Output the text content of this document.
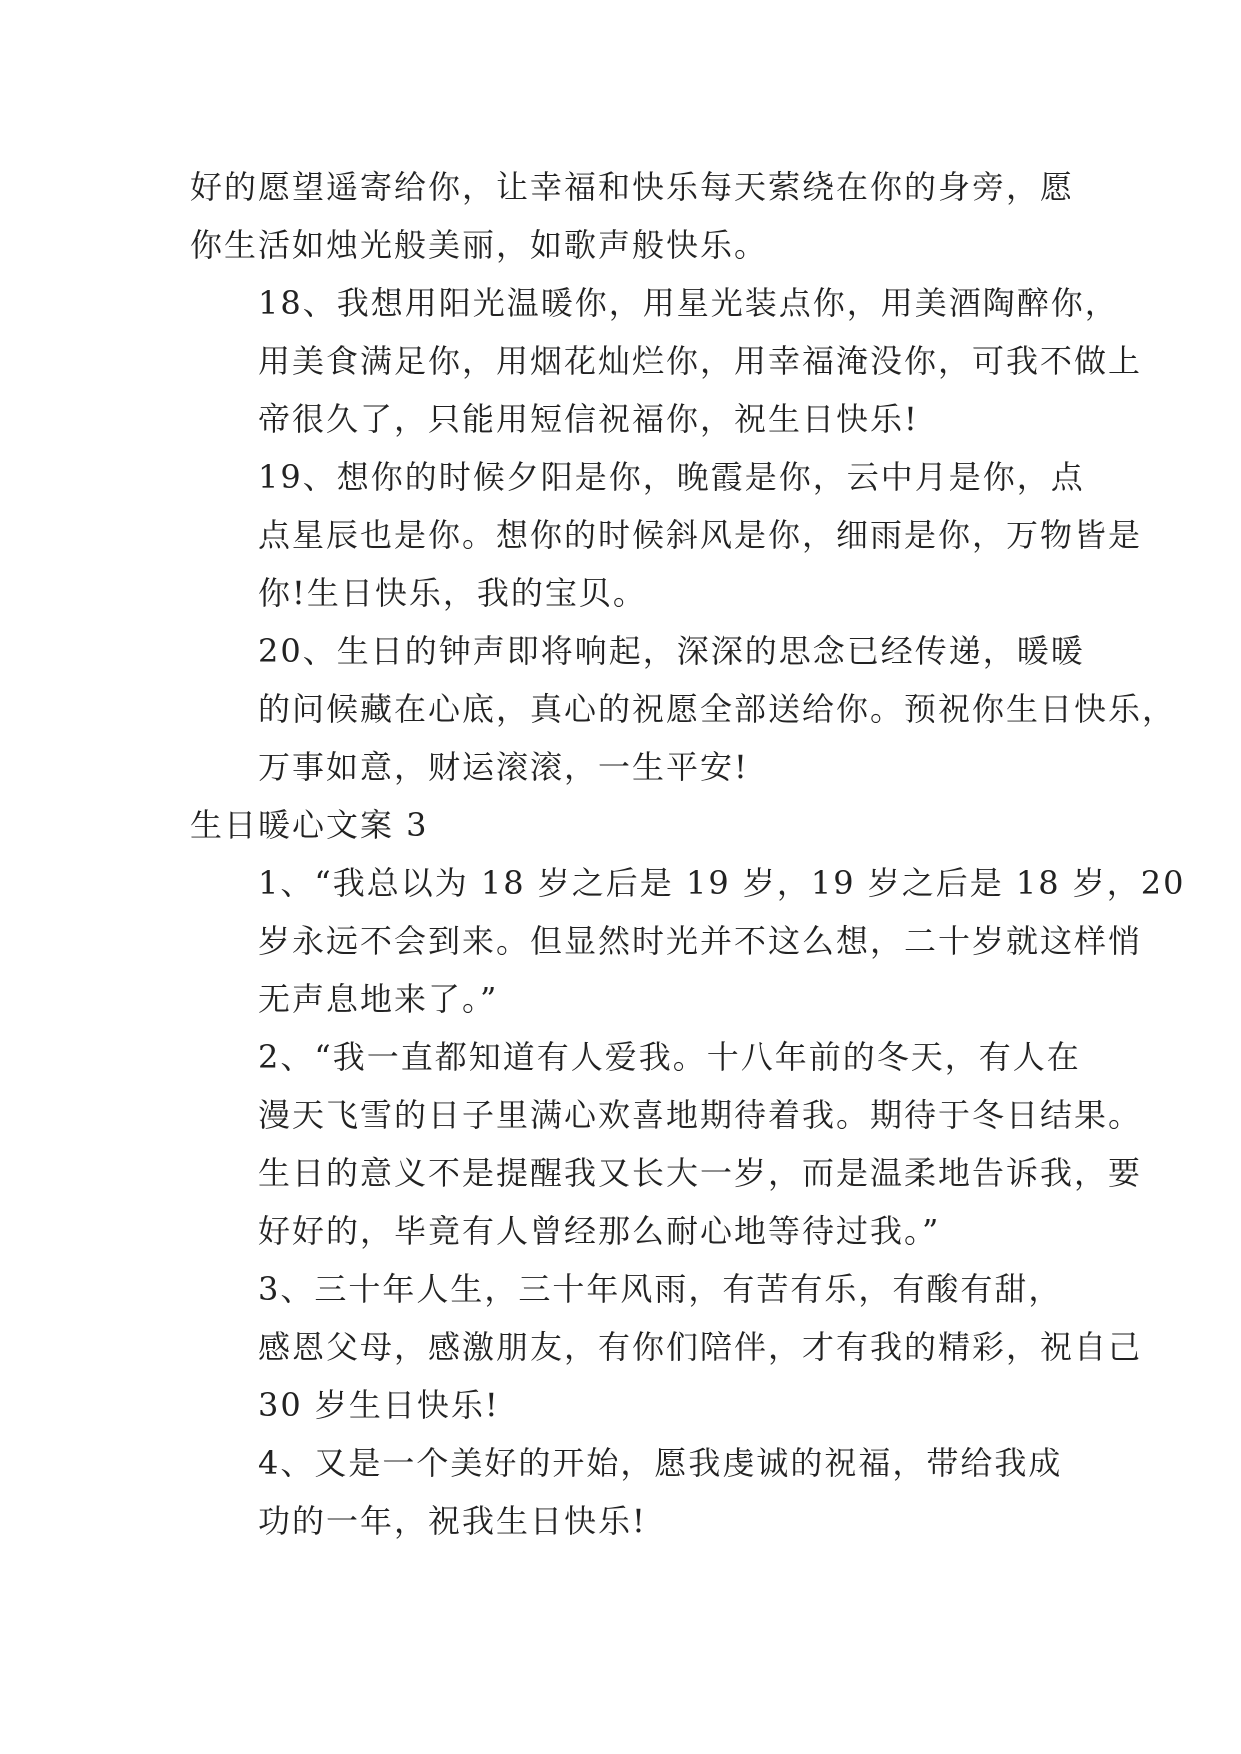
好的愿望遥寄给你，让幸福和快乐每天萦绕在你的身旁，愿
你生活如烛光般美丽，如歌声般快乐。

18、我想用阳光温暖你，用星光装点你，用美酒陶醉你，
用美食满足你，用烟花灿烂你，用幸福淹没你，可我不做上
帝很久了，只能用短信祝福你，祝生日快乐!

19、想你的时候夕阳是你，晚霞是你，云中月是你，点
点星辰也是你。想你的时候斜风是你，细雨是你，万物皆是
你!生日快乐，我的宝贝。

20、生日的钟声即将响起，深深的思念已经传递，暖暖
的问候藏在心底，真心的祝愿全部送给你。预祝你生日快乐，
万事如意，财运滚滚，一生平安!

生日暖心文案 3

1、“我总以为 18 岁之后是 19 岁，19 岁之后是 18 岁，20
岁永远不会到来。但显然时光并不这么想，二十岁就这样悄
无声息地来了。”

2、“我一直都知道有人爱我。十八年前的冬天，有人在
漫天飞雪的日子里满心欢喜地期待着我。期待于冬日结果。
生日的意义不是提醒我又长大一岁，而是温柔地告诉我，要
好好的，毕竟有人曾经那么耐心地等待过我。”

3、三十年人生，三十年风雨，有苦有乐，有酸有甜，
感恩父母，感激朋友，有你们陪伴，才有我的精彩，祝自己
30 岁生日快乐!

4、又是一个美好的开始，愿我虔诚的祝福，带给我成
功的一年，祝我生日快乐!
